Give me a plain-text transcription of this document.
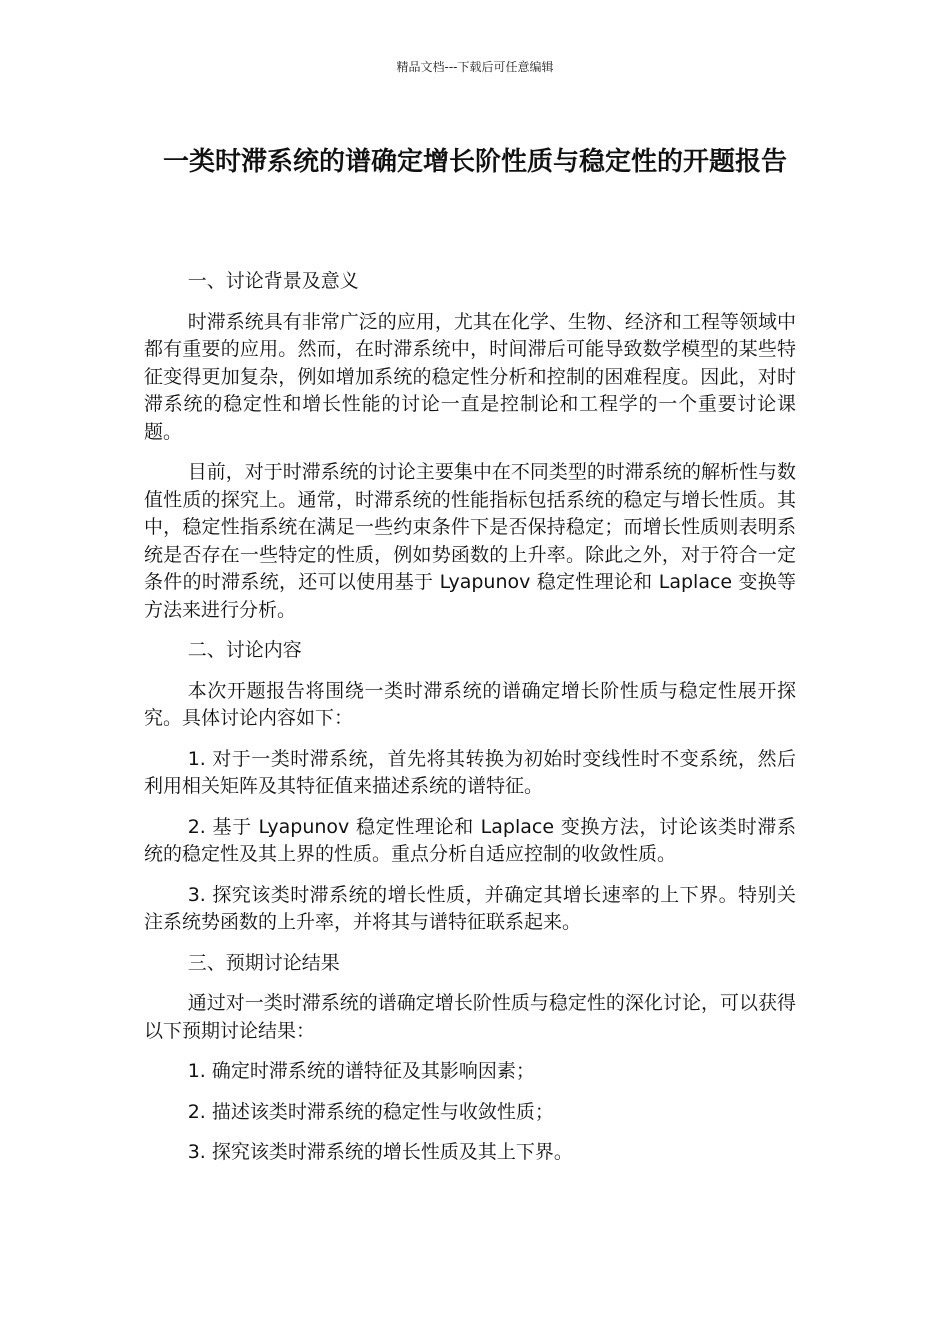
精品文档---下载后可任意编辑
一类时滞系统的谱确定增长阶性质与稳定性的开题报告

一、讨论背景及意义

时滞系统具有非常广泛的应用，尤其在化学、生物、经济和工程等领域中都有重要的应用。然而，在时滞系统中，时间滞后可能导致数学模型的某些特征变得更加复杂，例如增加系统的稳定性分析和控制的困难程度。因此，对时滞系统的稳定性和增长性能的讨论一直是控制论和工程学的一个重要讨论课题。

目前，对于时滞系统的讨论主要集中在不同类型的时滞系统的解析性与数值性质的探究上。通常，时滞系统的性能指标包括系统的稳定与增长性质。其中，稳定性指系统在满足一些约束条件下是否保持稳定；而增长性质则表明系统是否存在一些特定的性质，例如势函数的上升率。除此之外，对于符合一定条件的时滞系统，还可以使用基于 Lyapunov 稳定性理论和 Laplace 变换等方法来进行分析。

二、讨论内容

本次开题报告将围绕一类时滞系统的谱确定增长阶性质与稳定性展开探究。具体讨论内容如下：

1. 对于一类时滞系统，首先将其转换为初始时变线性时不变系统，然后利用相关矩阵及其特征值来描述系统的谱特征。

2. 基于 Lyapunov 稳定性理论和 Laplace 变换方法，讨论该类时滞系统的稳定性及其上界的性质。重点分析自适应控制的收敛性质。

3. 探究该类时滞系统的增长性质，并确定其增长速率的上下界。特别关注系统势函数的上升率，并将其与谱特征联系起来。

三、预期讨论结果

通过对一类时滞系统的谱确定增长阶性质与稳定性的深化讨论，可以获得以下预期讨论结果：

1. 确定时滞系统的谱特征及其影响因素；

2. 描述该类时滞系统的稳定性与收敛性质；

3. 探究该类时滞系统的增长性质及其上下界。
